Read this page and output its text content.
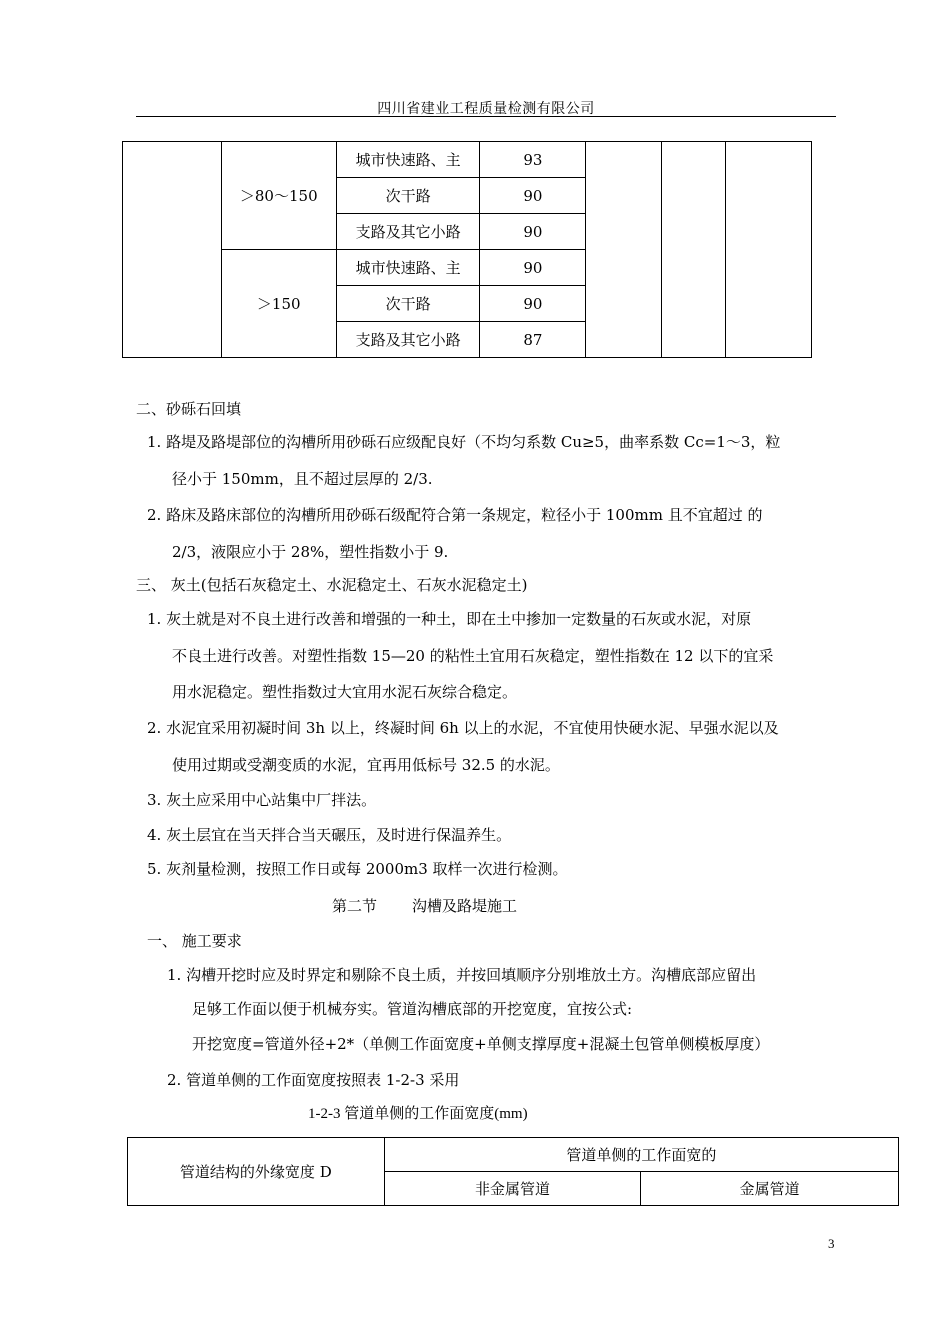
四川省建业工程质量检测有限公司
	＞80～150	城市快速路、主	93			
		次干路	90			
		支路及其它小路	90			
	＞150	城市快速路、主	90			
		次干路	90			
		支路及其它小路	87			
二、砂砾石回填
1. 路堤及路堤部位的沟槽所用砂砾石应级配良好（不均匀系数 Cu≥5，曲率系数 Cc=1～3，粒
径小于 150mm，且不超过层厚的 2/3.
2. 路床及路床部位的沟槽所用砂砾石级配符合第一条规定，粒径小于 100mm 且不宜超过 的
2/3，液限应小于 28%，塑性指数小于 9.
三、 灰土(包括石灰稳定土、水泥稳定土、石灰水泥稳定土)
1. 灰土就是对不良土进行改善和增强的一种土，即在土中掺加一定数量的石灰或水泥，对原
不良土进行改善。对塑性指数 15—20 的粘性土宜用石灰稳定，塑性指数在 12 以下的宜采
用水泥稳定。塑性指数过大宜用水泥石灰综合稳定。
2. 水泥宜采用初凝时间 3h 以上，终凝时间 6h 以上的水泥，不宜使用快硬水泥、早强水泥以及
使用过期或受潮变质的水泥，宜再用低标号 32.5 的水泥。
3. 灰土应采用中心站集中厂拌法。
4. 灰土层宜在当天拌合当天碾压，及时进行保温养生。
5. 灰剂量检测，按照工作日或每 2000m3 取样一次进行检测。
第二节 沟槽及路堤施工
一、 施工要求
1. 沟槽开挖时应及时界定和剔除不良土质，并按回填顺序分别堆放土方。沟槽底部应留出
足够工作面以便于机械夯实。管道沟槽底部的开挖宽度，宜按公式:
开挖宽度=管道外径+2*（单侧工作面宽度+单侧支撑厚度+混凝土包管单侧模板厚度）
2. 管道单侧的工作面宽度按照表 1-2-3 采用
1-2-3 管道单侧的工作面宽度(mm)
管道结构的外缘宽度 D	管道单侧的工作面宽的	
	非金属管道	金属管道
3
